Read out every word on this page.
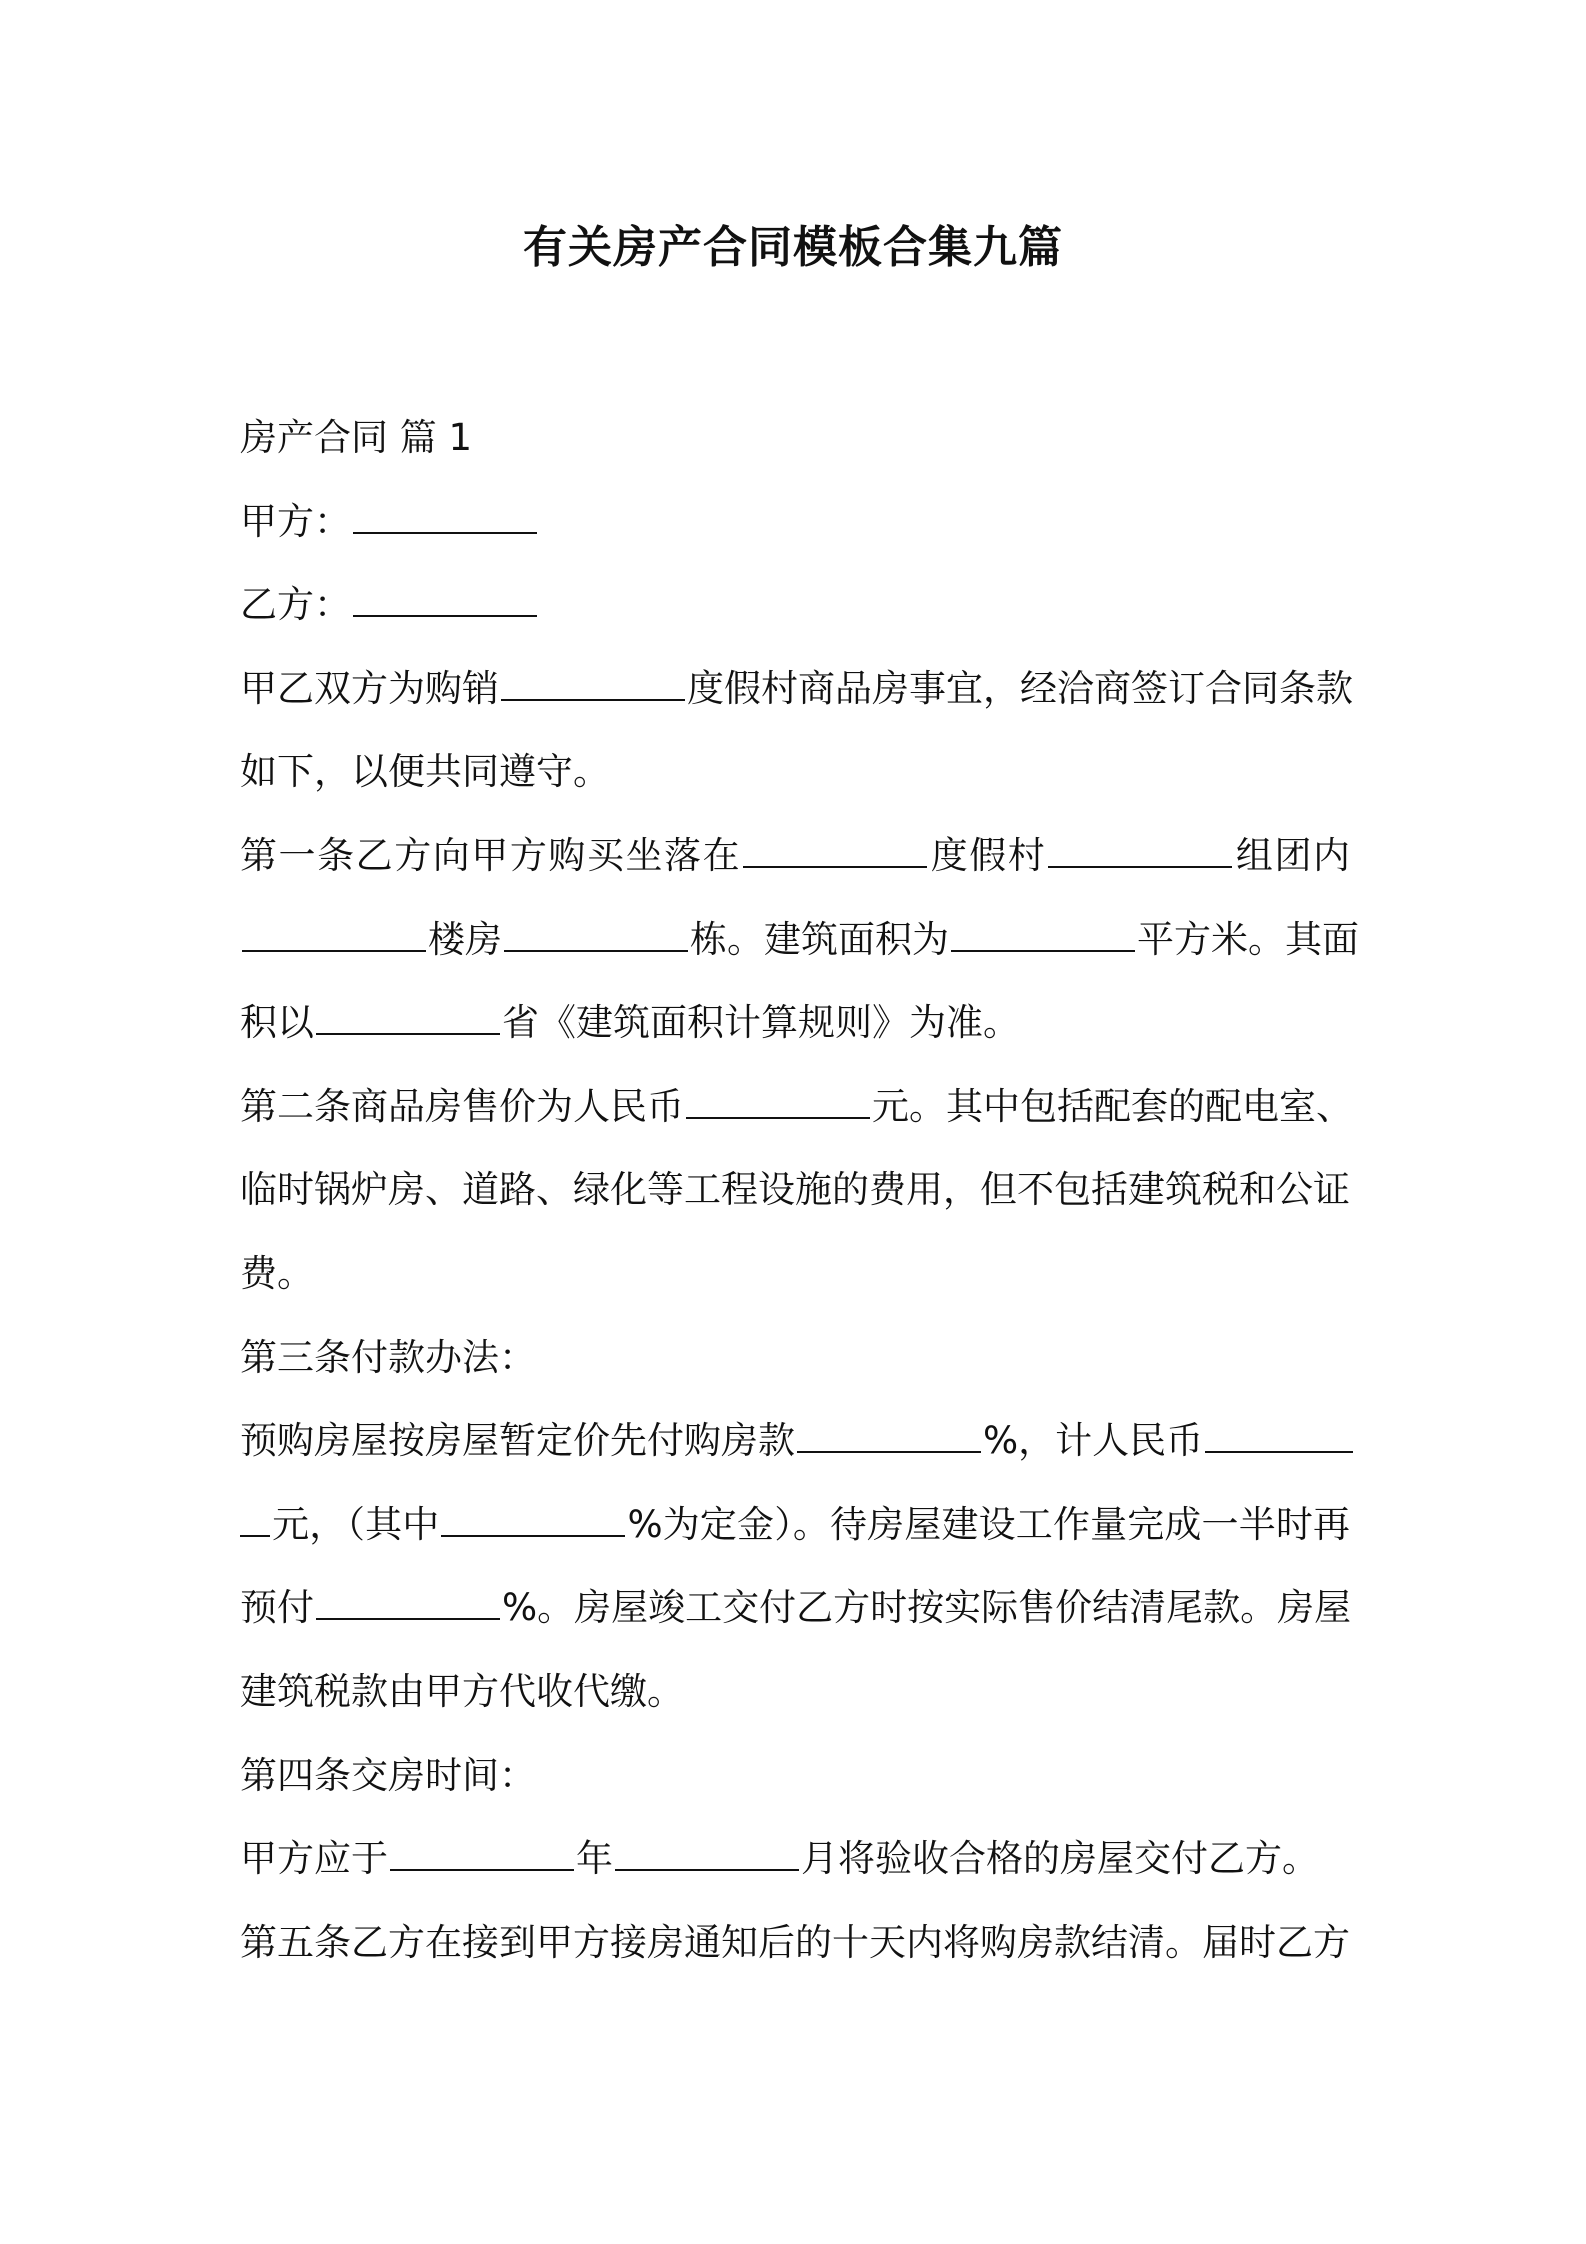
有关房产合同模板合集九篇
房产合同 篇 1
甲方：
乙方：
甲乙双方为购销	度假村商品房事宜，经洽商签订合同条款
如下，以便共同遵守。
第一条乙方向甲方购买坐落在	度假村	组团内
楼房	栋。建筑面积为	平方米。其面
积以	省《建筑面积计算规则》为准。
第二条商品房售价为人民币	元。其中包括配套的配电室、
临时锅炉房、道路、绿化等工程设施的费用，但不包括建筑税和公证
费。
第三条付款办法：
预购房屋按房屋暂定价先付购房款	%，计人民币
元，（其中	%为定金）。待房屋建设工作量完成一半时再
预付	%。房屋竣工交付乙方时按实际售价结清尾款。房屋
建筑税款由甲方代收代缴。
第四条交房时间：
甲方应于	年	月将验收合格的房屋交付乙方。
第五条乙方在接到甲方接房通知后的十天内将购房款结清。届时乙方
